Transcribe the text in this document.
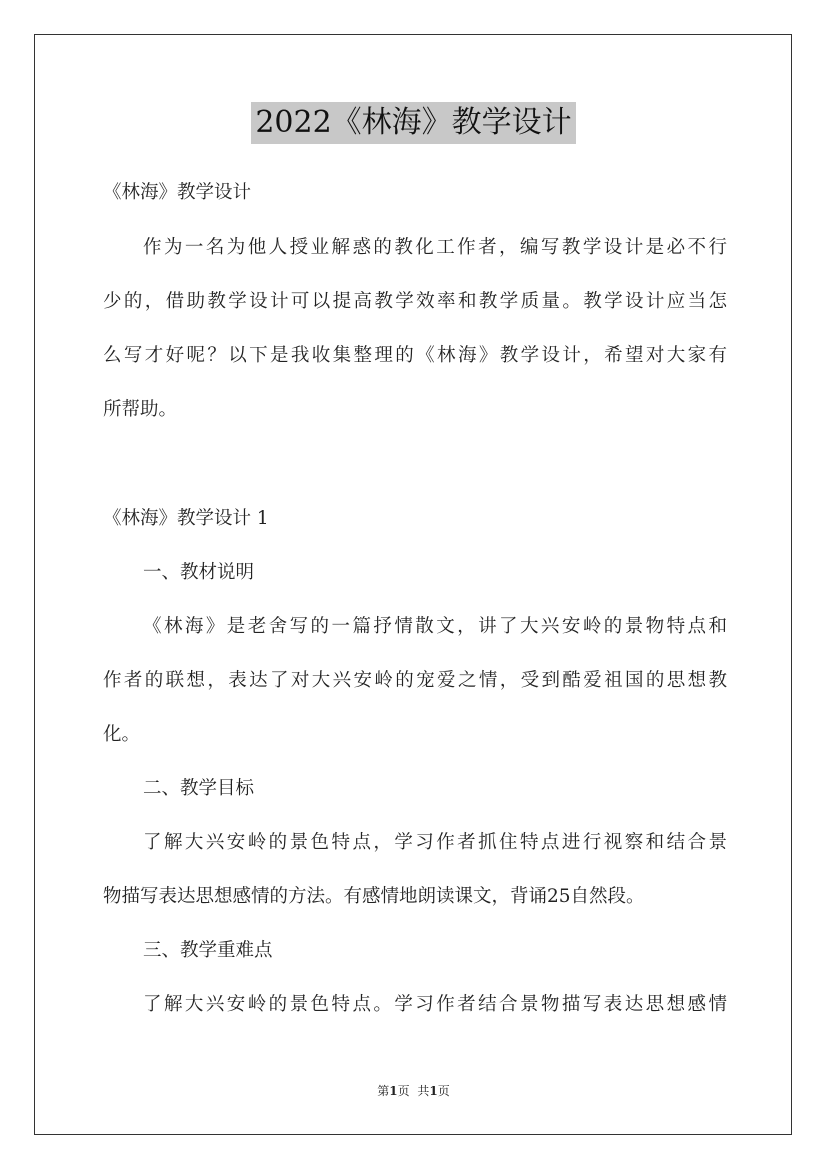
2022《林海》教学设计
《林海》教学设计
作为一名为他人授业解惑的教化工作者，编写教学设计是必不行
少的，借助教学设计可以提高教学效率和教学质量。教学设计应当怎
么写才好呢？以下是我收集整理的《林海》教学设计，希望对大家有
所帮助。
《林海》教学设计 1
一、教材说明
《林海》是老舍写的一篇抒情散文，讲了大兴安岭的景物特点和
作者的联想，表达了对大兴安岭的宠爱之情，受到酷爱祖国的思想教
化。
二、教学目标
了解大兴安岭的景色特点，学习作者抓住特点进行视察和结合景
物描写表达思想感情的方法。有感情地朗读课文，背诵25自然段。
三、教学重难点
了解大兴安岭的景色特点。学习作者结合景物描写表达思想感情
第1页 共1页
